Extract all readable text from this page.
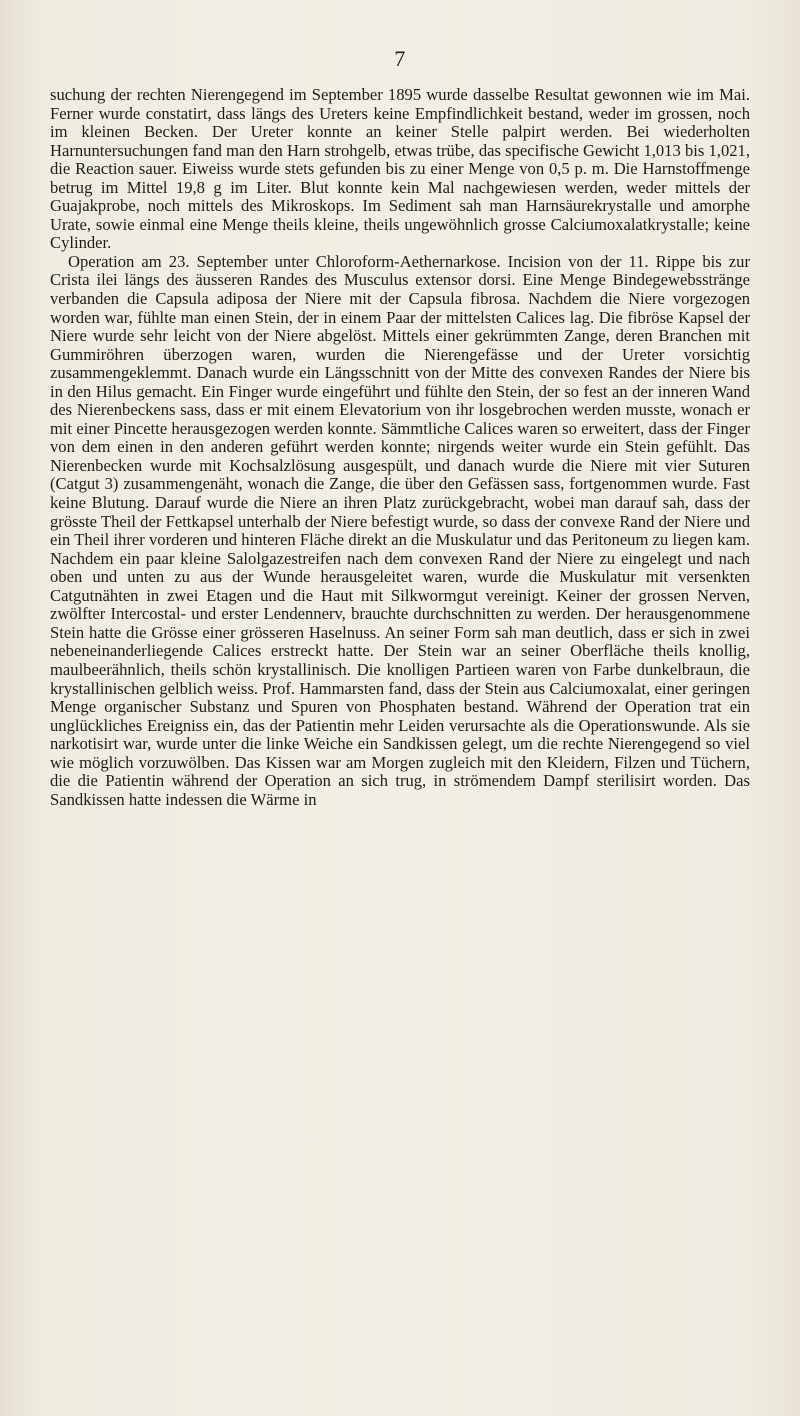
7

suchung der rechten Nierengegend im September 1895 wurde dasselbe Resultat gewonnen wie im Mai. Ferner wurde constatirt, dass längs des Ureters keine Empfindlichkeit bestand, weder im grossen, noch im kleinen Becken. Der Ureter konnte an keiner Stelle palpirt werden. Bei wiederholten Harnuntersuchungen fand man den Harn strohgelb, etwas trübe, das specifische Gewicht 1,013 bis 1,021, die Reaction sauer. Eiweiss wurde stets gefunden bis zu einer Menge von 0,5 p. m. Die Harnstoffmenge betrug im Mittel 19,8 g im Liter. Blut konnte kein Mal nachgewiesen werden, weder mittels der Guajakprobe, noch mittels des Mikroskops. Im Sediment sah man Harnsäurekrystalle und amorphe Urate, sowie einmal eine Menge theils kleine, theils ungewöhnlich grosse Calciumoxalatkrystalle; keine Cylinder.

Operation am 23. September unter Chloroform-Aethernarkose. Incision von der 11. Rippe bis zur Crista ilei längs des äusseren Randes des Musculus extensor dorsi. Eine Menge Bindegewebsstränge verbanden die Capsula adiposa der Niere mit der Capsula fibrosa. Nachdem die Niere vorgezogen worden war, fühlte man einen Stein, der in einem Paar der mittelsten Calices lag. Die fibröse Kapsel der Niere wurde sehr leicht von der Niere abgelöst. Mittels einer gekrümmten Zange, deren Branchen mit Gummiröhren überzogen waren, wurden die Nierengefässe und der Ureter vorsichtig zusammengeklemmt. Danach wurde ein Längsschnitt von der Mitte des convexen Randes der Niere bis in den Hilus gemacht. Ein Finger wurde eingeführt und fühlte den Stein, der so fest an der inneren Wand des Nierenbeckens sass, dass er mit einem Elevatorium von ihr losgebrochen werden musste, wonach er mit einer Pincette herausgezogen werden konnte. Sämmtliche Calices waren so erweitert, dass der Finger von dem einen in den anderen geführt werden konnte; nirgends weiter wurde ein Stein gefühlt. Das Nierenbecken wurde mit Kochsalzlösung ausgespült, und danach wurde die Niere mit vier Suturen (Catgut 3) zusammengenäht, wonach die Zange, die über den Gefässen sass, fortgenommen wurde. Fast keine Blutung. Darauf wurde die Niere an ihren Platz zurückgebracht, wobei man darauf sah, dass der grösste Theil der Fettkapsel unterhalb der Niere befestigt wurde, so dass der convexe Rand der Niere und ein Theil ihrer vorderen und hinteren Fläche direkt an die Muskulatur und das Peritoneum zu liegen kam. Nachdem ein paar kleine Salolgazestreifen nach dem convexen Rand der Niere zu eingelegt und nach oben und unten zu aus der Wunde herausgeleitet waren, wurde die Muskulatur mit versenkten Catgutnähten in zwei Etagen und die Haut mit Silkwormgut vereinigt. Keiner der grossen Nerven, zwölfter Intercostal- und erster Lendennerv, brauchte durchschnitten zu werden. Der herausgenommene Stein hatte die Grösse einer grösseren Haselnuss. An seiner Form sah man deutlich, dass er sich in zwei nebeneinanderliegende Calices erstreckt hatte. Der Stein war an seiner Oberfläche theils knollig, maulbeerähnlich, theils schön krystallinisch. Die knolligen Partieen waren von Farbe dunkelbraun, die krystallinischen gelblich weiss. Prof. Hammarsten fand, dass der Stein aus Calciumoxalat, einer geringen Menge organischer Substanz und Spuren von Phosphaten bestand. Während der Operation trat ein unglückliches Ereigniss ein, das der Patientin mehr Leiden verursachte als die Operationswunde. Als sie narkotisirt war, wurde unter die linke Weiche ein Sandkissen gelegt, um die rechte Nierengegend so viel wie möglich vorzuwölben. Das Kissen war am Morgen zugleich mit den Kleidern, Filzen und Tüchern, die die Patientin während der Operation an sich trug, in strömendem Dampf sterilisirt worden. Das Sandkissen hatte indessen die Wärme in
